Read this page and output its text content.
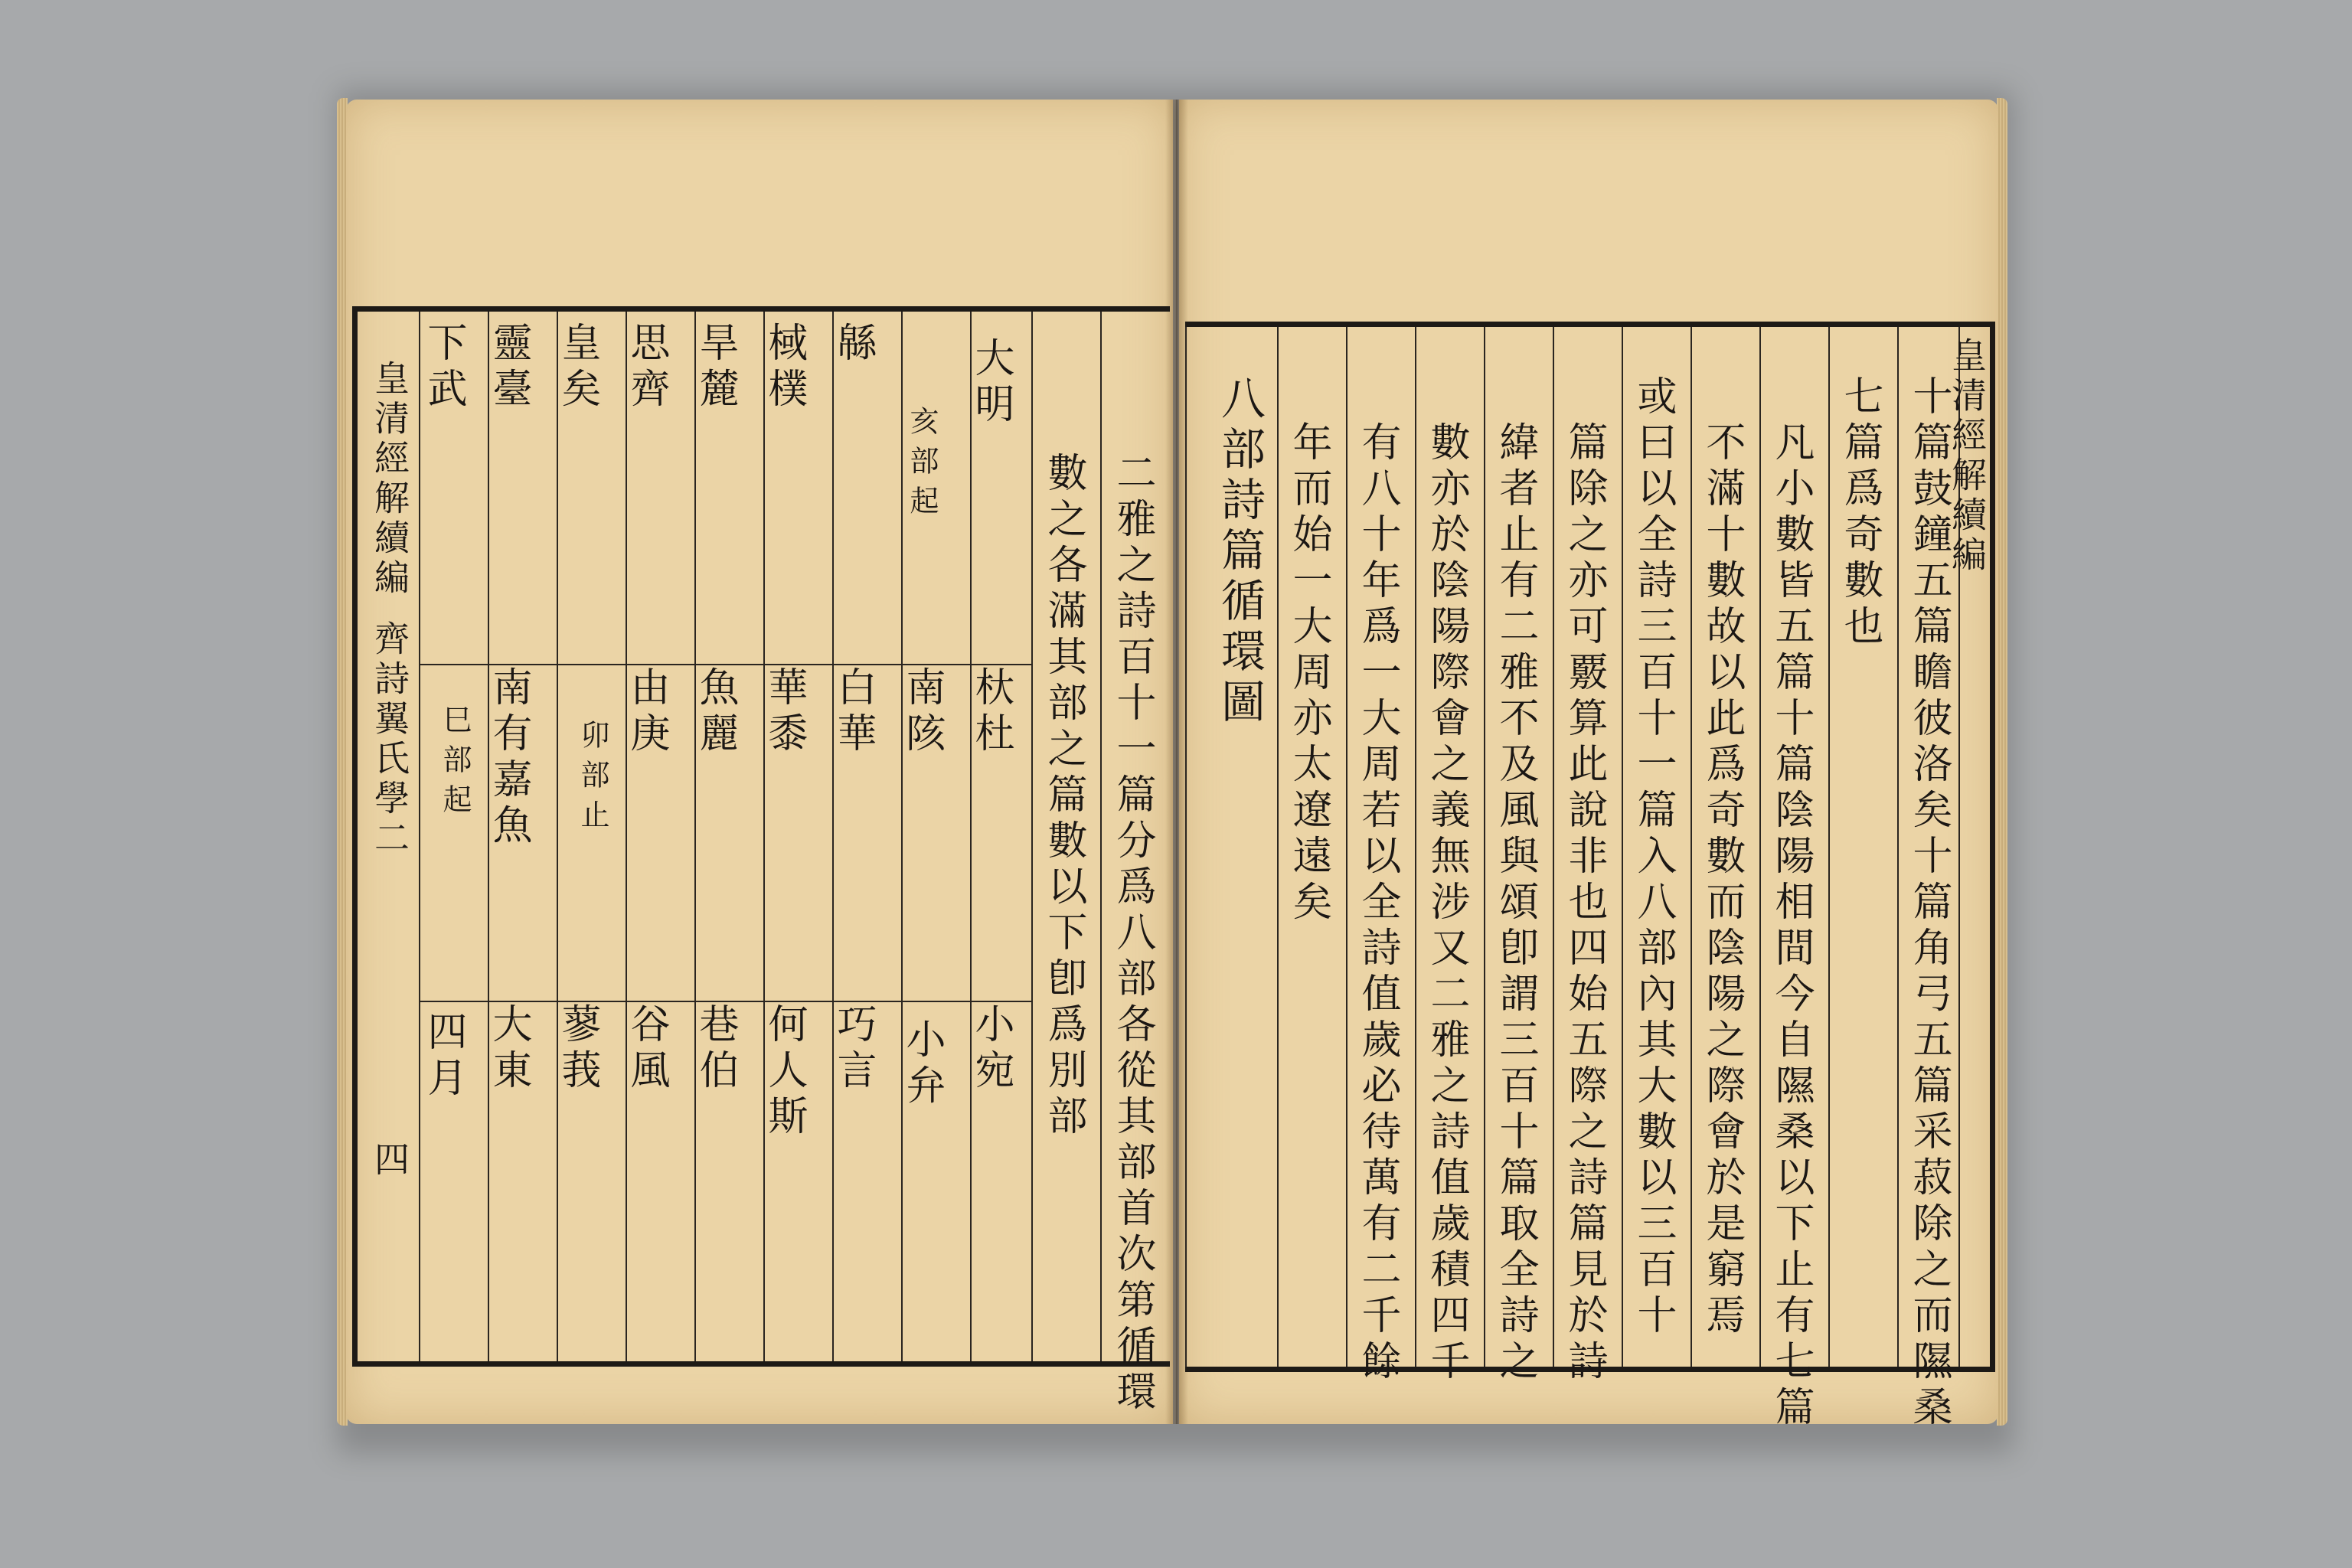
皇清經解續編
齊詩翼氏學二
四	二雅之詩百十一篇分爲八部各從其部首次第循環
數之各滿其部之篇數以下卽爲別部
大明
亥部起
杕杜
小宛
南陔
小弁
緜
白華
巧言
棫樸
華黍
何人斯
旱麓
魚麗
巷伯
思齊
由庚
谷風
皇矣
卯部止
蓼莪
靈臺
南有嘉魚
大東
下武
巳部起
四月
皇清經解續編
十篇鼓鐘五篇瞻彼洛矣十篇角弓五篇采菽除之而隰桑
七篇爲奇數也
凡小數皆五篇十篇陰陽相間今自隰桑以下止有七篇
不滿十數故以此爲奇數而陰陽之際會於是窮焉
或曰以全詩三百十一篇入八部內其大數以三百十
篇除之亦可覈算此說非也四始五際之詩篇見於詩
緯者止有二雅不及風與頌卽謂三百十篇取全詩之
數亦於陰陽際會之義無涉又二雅之詩值歲積四千
有八十年爲一大周若以全詩值歲必待萬有二千餘
年而始一大周亦太遼遠矣
八部詩篇循環圖
